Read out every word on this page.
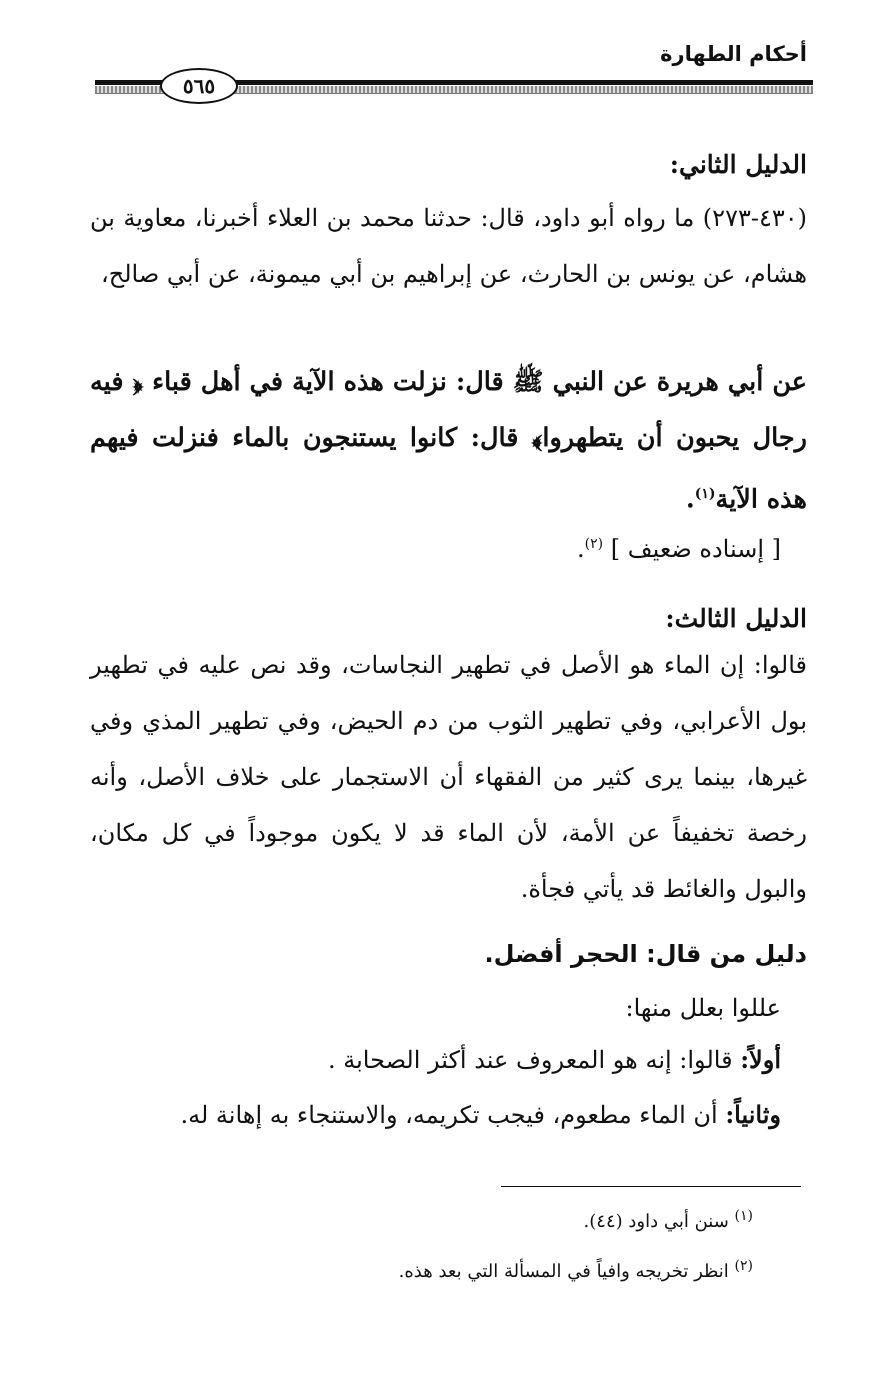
أحكام الطهارة
٥٦٥
الدليل الثاني:
(٤٣٠-٢٧٣) ما رواه أبو داود، قال: حدثنا محمد بن العلاء أخبرنا، معاوية بن هشام، عن يونس بن الحارث، عن إبراهيم بن أبي ميمونة، عن أبي صالح،
عن أبي هريرة عن النبي ﷺ قال: نزلت هذه الآية في أهل قباء ﴿ فيه رجال يحبون أن يتطهروا﴾ قال: كانوا يستنجون بالماء فنزلت فيهم هذه الآية$^{(١)}$.
[ إسناده ضعيف ] $^{(٢)}$.
الدليل الثالث:
قالوا: إن الماء هو الأصل في تطهير النجاسات، وقد نص عليه في تطهير بول الأعرابي، وفي تطهير الثوب من دم الحيض، وفي تطهير المذي وفي غيرها، بينما يرى كثير من الفقهاء أن الاستجمار على خلاف الأصل، وأنه رخصة تخفيفاً عن الأمة، لأن الماء قد لا يكون موجوداً في كل مكان، والبول والغائط قد يأتي فجأة.
دليل من قال: الحجر أفضل.
عللوا بعلل منها:
أولاً: قالوا: إنه هو المعروف عند أكثر الصحابة .
وثانياً: أن الماء مطعوم، فيجب تكريمه، والاستنجاء به إهانة له.
$^{(١)}$ سنن أبي داود (٤٤).
$^{(٢)}$ انظر تخريجه وافياً في المسألة التي بعد هذه.
